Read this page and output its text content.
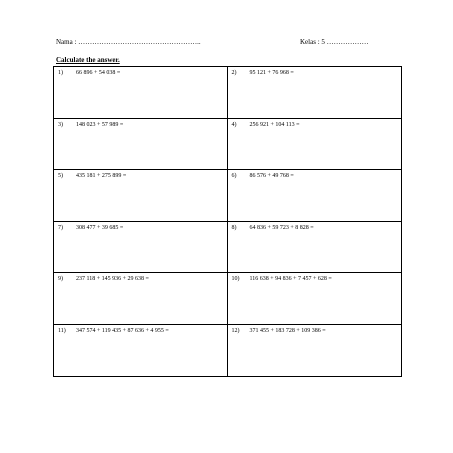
Nama : ……………………………………………..	Kelas : 5 ………………
Calculate the answer.
1) 66 896 + 54 038 =	2) 95 121 + 76 968 =
3) 148 023 + 57 989 =	4) 256 921 + 104 113 =
5) 435 181 + 275 899 =	6) 86 576 + 49 768 =
7) 308 477 + 39 685 =	8) 64 836 + 59 723 + 8 828 =
9) 237 118 + 145 936 + 29 638 =	10) 116 638 + 94 836 + 7 457 + 628 =
11) 347 574 + 119 435 + 87 636 + 4 955 =	12) 371 455 + 183 728 + 109 386 =
